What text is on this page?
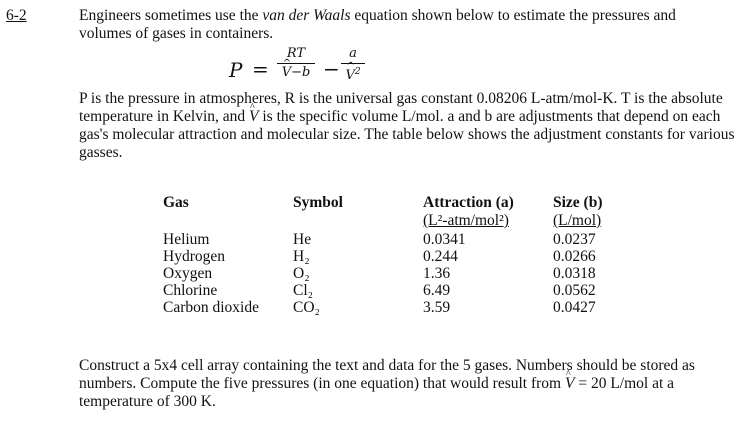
6-2	Engineers sometimes use the van der Waals equation shown below to estimate the pressures and volumes of gases in containers.
P =
RT
^ V−b −
a
^ $V^2$
P is the pressure in atmospheres, R is the universal gas constant 0.08206 L-atm/mol-K. T is the absolute temperature in Kelvin, and ^ V is the specific volume L/mol. a and b are adjustments that depend on each gas's molecular attraction and molecular size. The table below shows the adjustment constants for various gasses.
Gas	Symbol	Attraction (a)	Size (b)

		(L²-atm/mol²)	(L/mol)

Helium	He	0.0341	0.0237
Hydrogen	H₂	0.244	0.0266
Oxygen	O₂	1.36	0.0318
Chlorine	Cl₂	6.49	0.0562
Carbon dioxide	CO₂	3.59	0.0427
Construct a 5x4 cell array containing the text and data for the 5 gases. Numbers should be stored as numbers. Compute the five pressures (in one equation) that would result from ^ V = 20 L/mol at a temperature of 300 K.
